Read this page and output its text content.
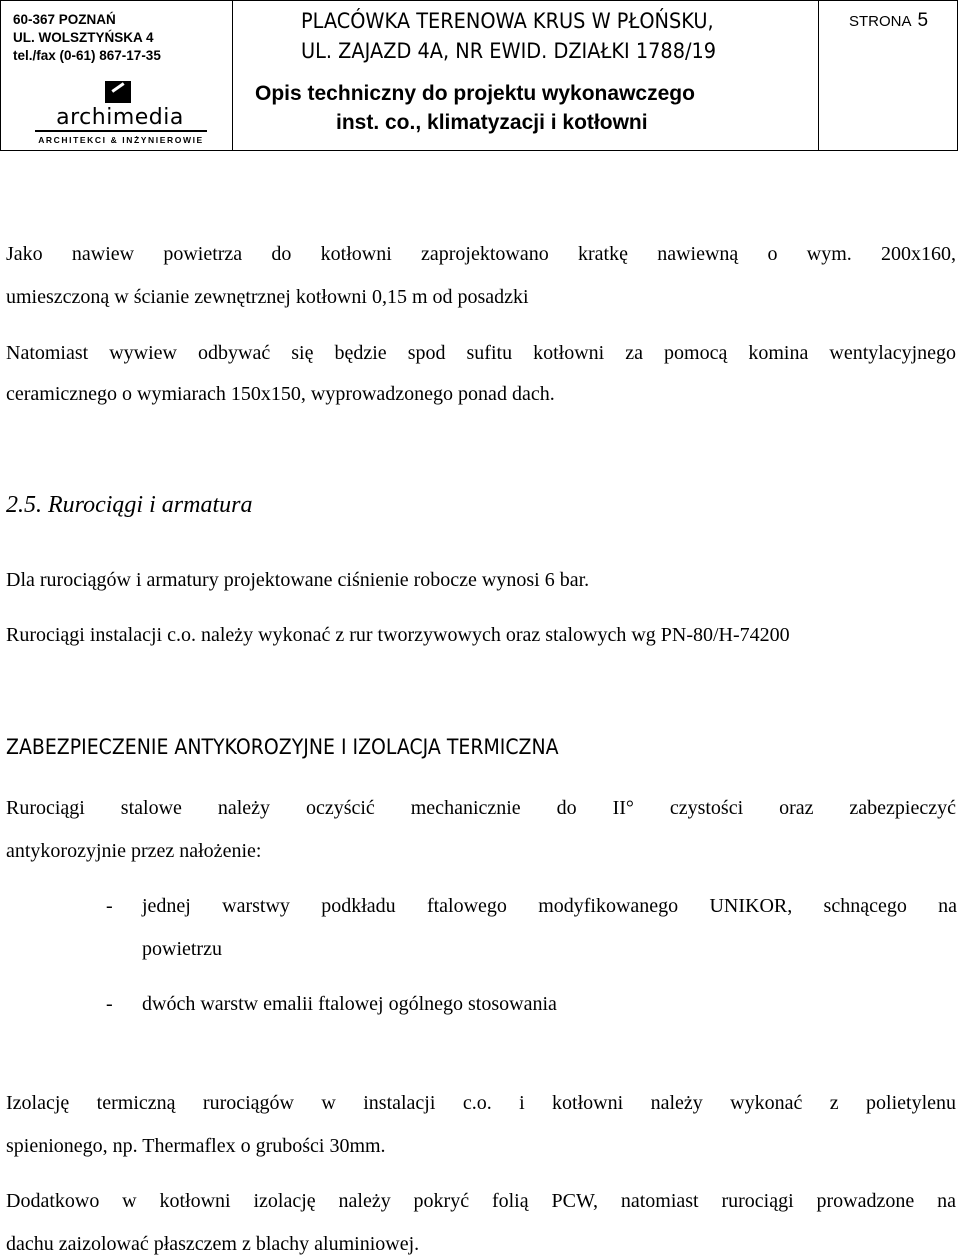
60-367 POZNAŃ
UL. WOLSZTYŃSKA 4
tel./fax (0-61) 867-17-35
archimedia
ARCHITEKCI & INŻYNIEROWIE
PLACÓWKA TERENOWA KRUS W PŁOŃSKU,
UL. ZAJAZD 4A, NR EWID. DZIAŁKI 1788/19
Opis techniczny do projektu wykonawczego
inst. co., klimatyzacji i kotłowni
STRONA 5
Jako nawiew powietrza do kotłowni zaprojektowano kratkę nawiewną o wym. 200x160,
umieszczoną w ścianie zewnętrznej kotłowni 0,15 m od posadzki
Natomiast wywiew odbywać się będzie spod sufitu kotłowni za pomocą komina wentylacyjnego
ceramicznego o wymiarach 150x150, wyprowadzonego ponad dach.
2.5. Rurociągi i armatura
Dla rurociągów i armatury projektowane ciśnienie robocze wynosi 6 bar.
Rurociągi instalacji c.o. należy wykonać z rur tworzywowych oraz stalowych wg PN-80/H-74200
ZABEZPIECZENIE ANTYKOROZYJNE I IZOLACJA TERMICZNA
Rurociągi stalowe należy oczyścić mechanicznie do II° czystości oraz zabezpieczyć
antykorozyjnie przez nałożenie:
- jednej warstwy podkładu ftalowego modyfikowanego UNIKOR, schnącego na
powietrzu
- dwóch warstw emalii ftalowej ogólnego stosowania
Izolację termiczną rurociągów w instalacji c.o. i kotłowni należy wykonać z polietylenu
spienionego, np. Thermaflex o grubości 30mm.
Dodatkowo w kotłowni izolację należy pokryć folią PCW, natomiast rurociągi prowadzone na
dachu zaizolować płaszczem z blachy aluminiowej.
